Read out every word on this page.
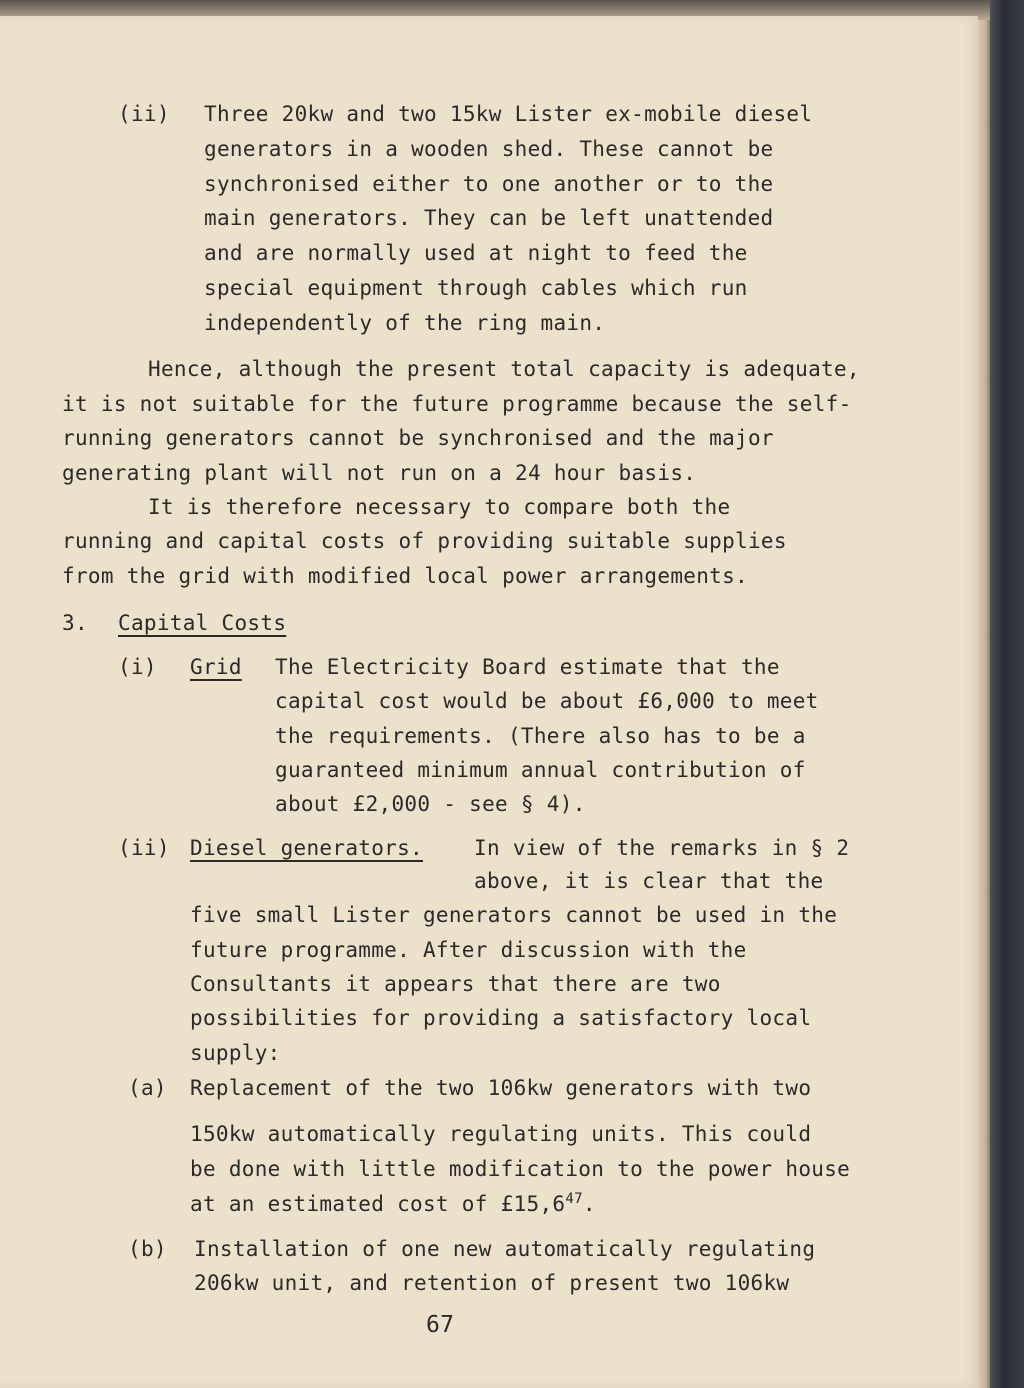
(ii) Three 20kw and two 15kw Lister ex-mobile diesel
generators in a wooden shed. These cannot be
synchronised either to one another or to the
main generators. They can be left unattended
and are normally used at night to feed the
special equipment through cables which run
independently of the ring main.
Hence, although the present total capacity is adequate,
it is not suitable for the future programme because the self-
running generators cannot be synchronised and the major
generating plant will not run on a 24 hour basis.
It is therefore necessary to compare both the
running and capital costs of providing suitable supplies
from the grid with modified local power arrangements.
3. Capital Costs
(i) Grid The Electricity Board estimate that the
capital cost would be about £6,000 to meet
the requirements. (There also has to be a
guaranteed minimum annual contribution of
about £2,000 - see § 4).
(ii) Diesel generators. In view of the remarks in § 2
above, it is clear that the
five small Lister generators cannot be used in the
future programme. After discussion with the
Consultants it appears that there are two
possibilities for providing a satisfactory local
supply:
(a) Replacement of the two 106kw generators with two
150kw automatically regulating units. This could
be done with little modification to the power house
at an estimated cost of £15,6$^{47}$.
(b) Installation of one new automatically regulating
206kw unit, and retention of present two 106kw
67
